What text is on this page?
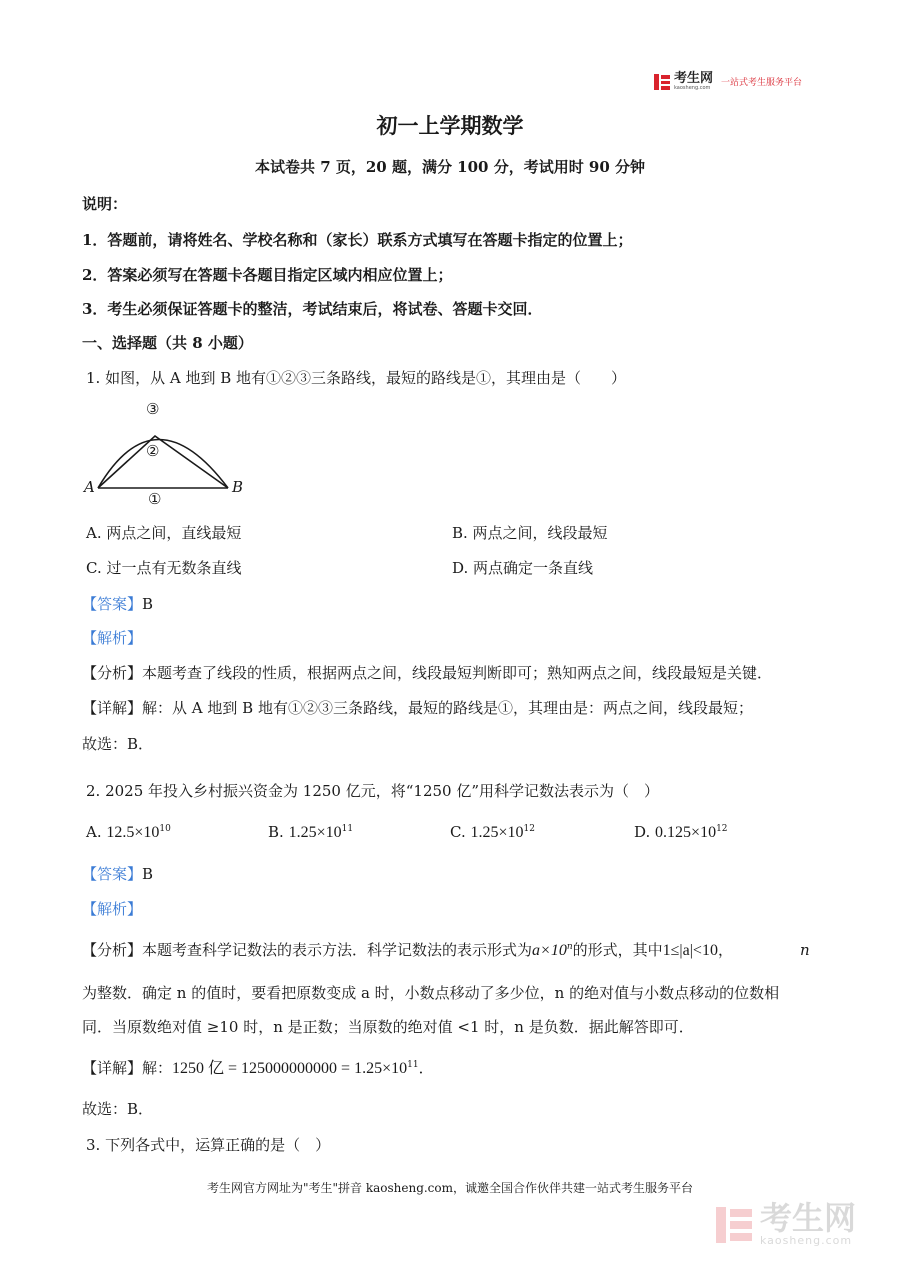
考生网
kaosheng.com 一站式考生服务平台
初一上学期数学
本试卷共 7 页，20 题，满分 100 分，考试用时 90 分钟
说明：
1．答题前，请将姓名、学校名称和（家长）联系方式填写在答题卡指定的位置上；
2．答案必须写在答题卡各题目指定区域内相应位置上；
3．考生必须保证答题卡的整洁，考试结束后，将试卷、答题卡交回．
一、选择题（共 8 小题）
1. 如图，从 A 地到 B 地有①②③三条路线，最短的路线是①，其理由是（　　）
③
②
①
A	B
A. 两点之间，直线最短	B. 两点之间，线段最短
C. 过一点有无数条直线	D. 两点确定一条直线
【答案】B
【解析】
【分析】本题考查了线段的性质，根据两点之间，线段最短判断即可；熟知两点之间，线段最短是关键．
【详解】解：从 A 地到 B 地有①②③三条路线，最短的路线是①，其理由是：两点之间，线段最短；
故选：B．
2. 2025 年投入乡村振兴资金为 1250 亿元，将“1250 亿”用科学记数法表示为（　）
A. $12.5\times 10^{10}$	B. $1.25\times 10^{11}$	C. $1.25\times 10^{12}$	D. $0.125\times 10^{12}$
【答案】B
【解析】
【分析】本题考查科学记数法的表示方法．科学记数法的表示形式为$a\times 10^n$的形式，其中1≤|a|<10，	n
为整数．确定 n 的值时，要看把原数变成 a 时，小数点移动了多少位，n 的绝对值与小数点移动的位数相
同．当原数绝对值 ≥10 时，n 是正数；当原数的绝对值 <1 时，n 是负数．据此解答即可．
【详解】解：1250 亿 = $125000000000 = 1.25\times 10^{11}$．
故选：B．
3. 下列各式中，运算正确的是（　）
考生网官方网址为"考生"拼音 kaosheng.com，诚邀全国合作伙伴共建一站式考生服务平台
考生网
kaosheng.com
